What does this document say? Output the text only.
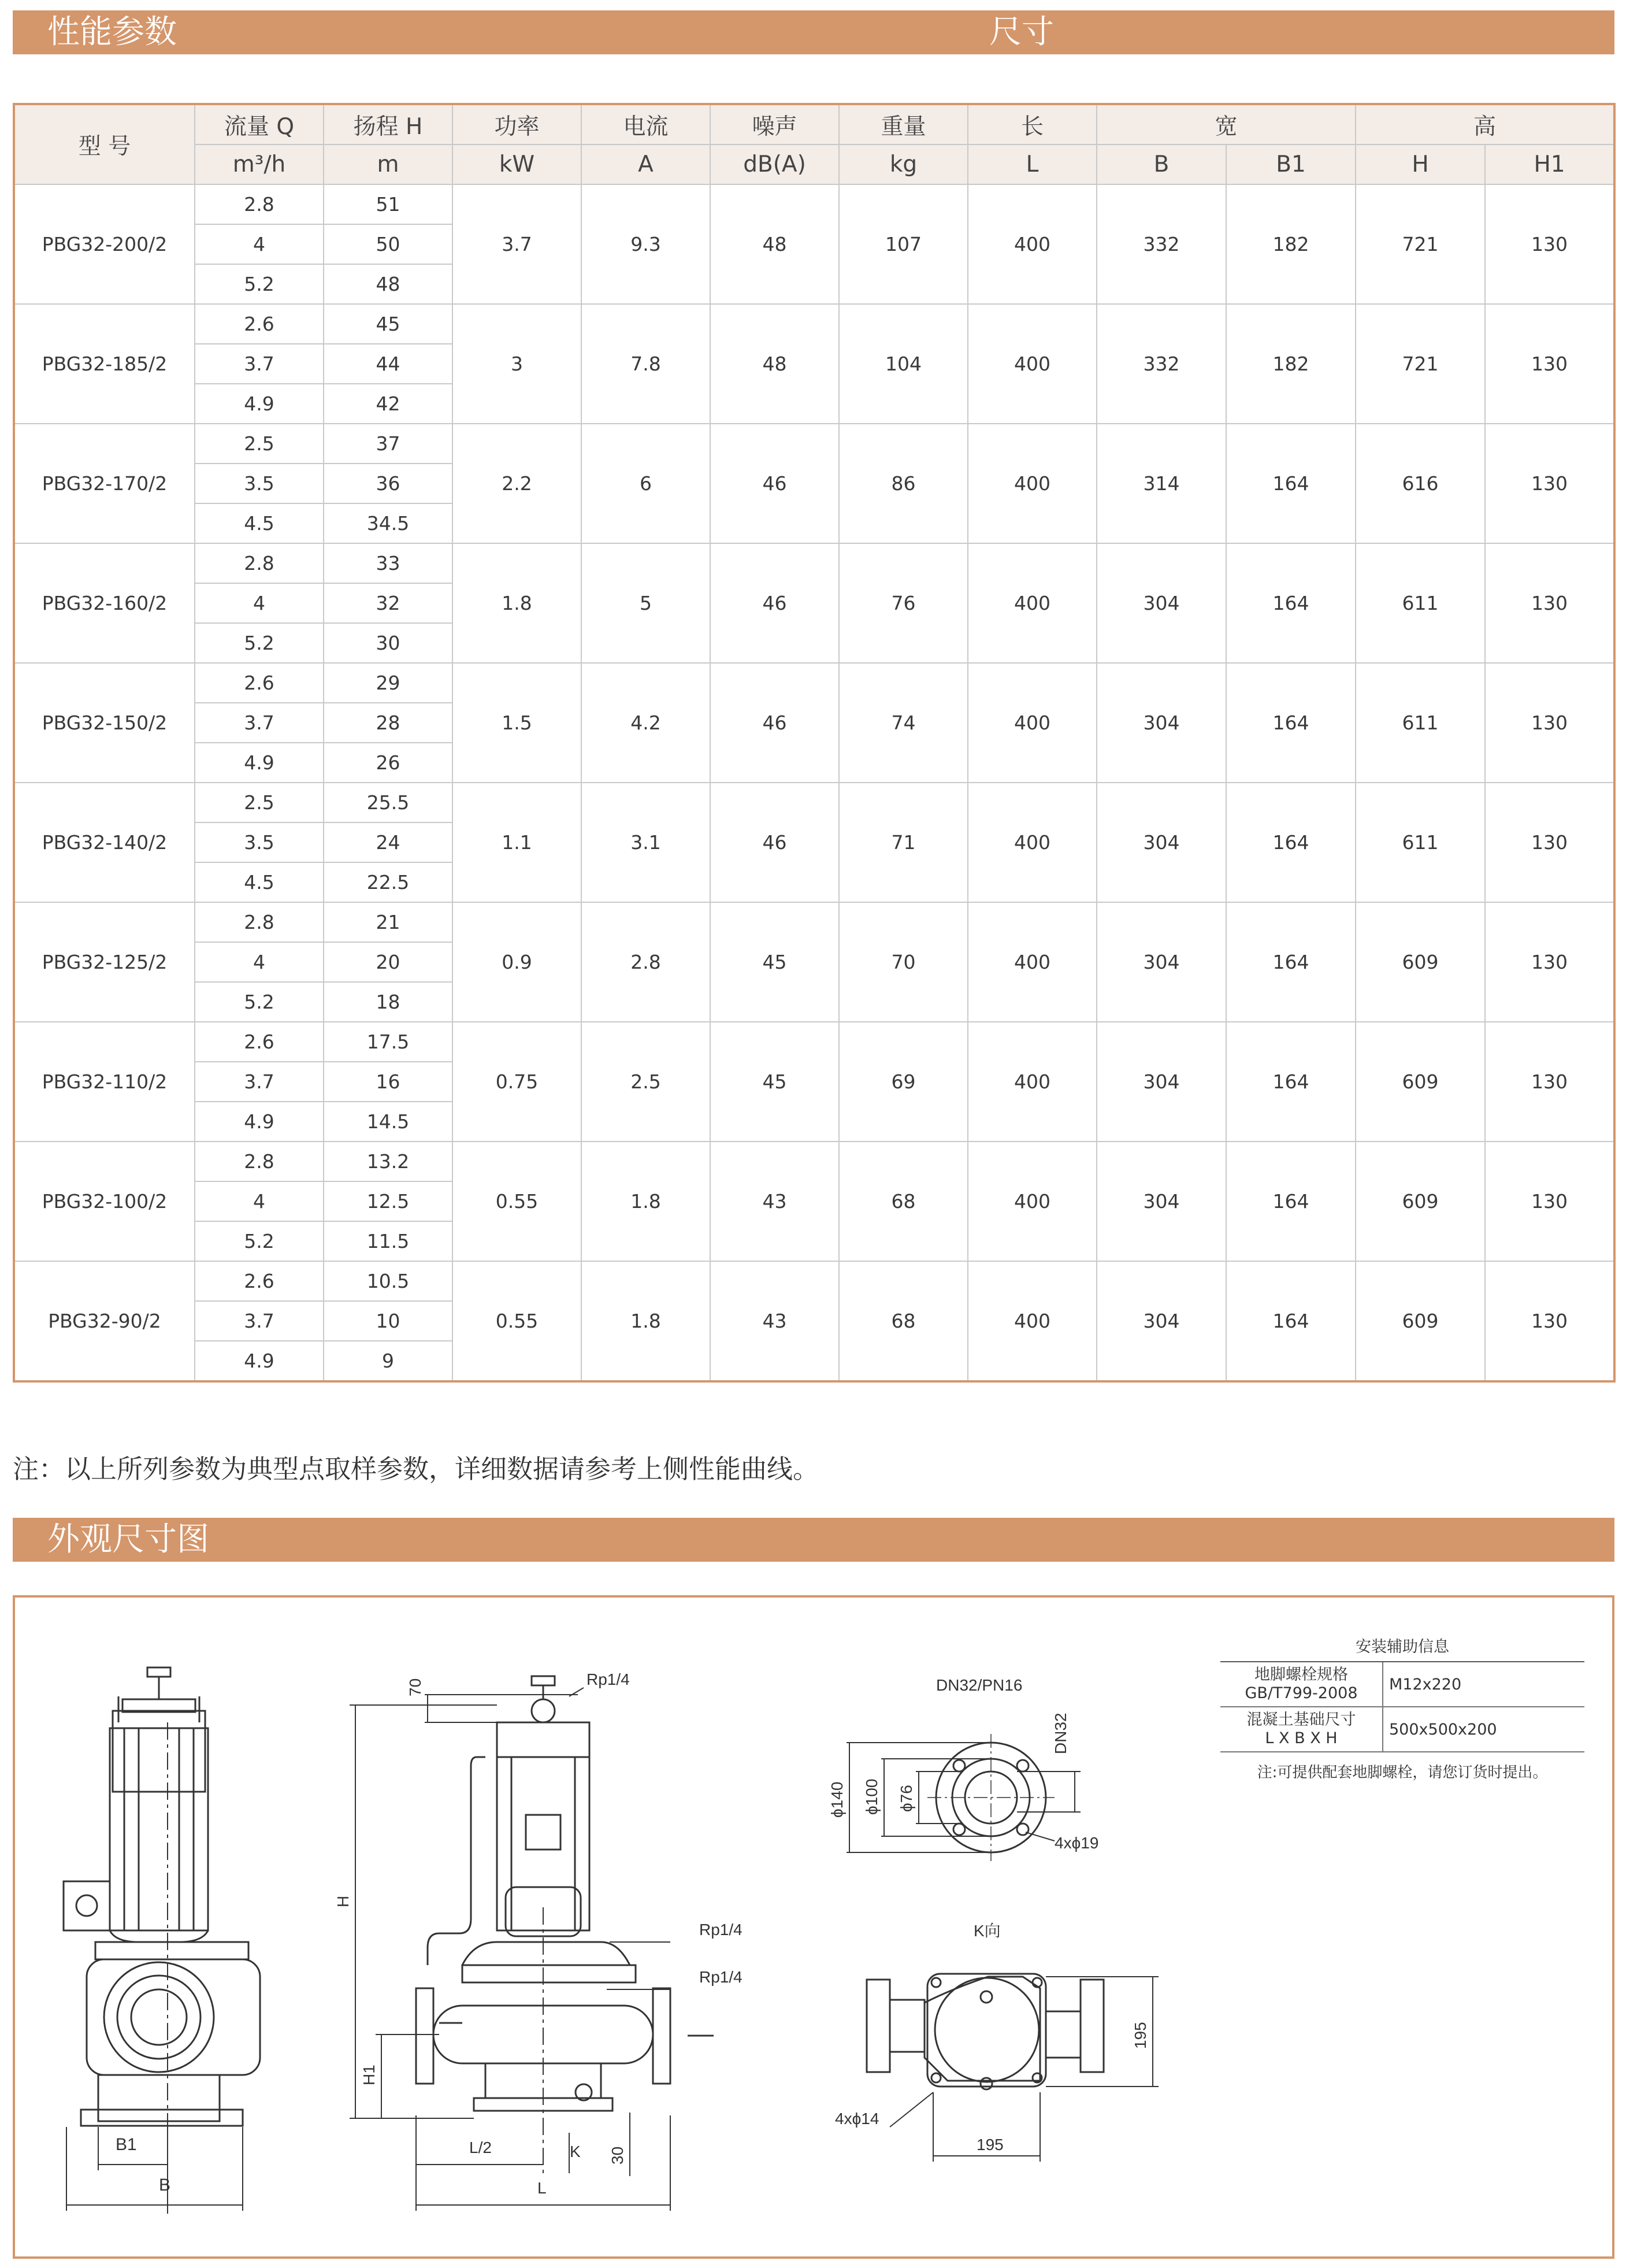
性能参数	尺寸
型 号	流量 Q	扬程 H	功率	电流	噪声	重量	长	宽		高	
	m³/h	m	kW	A	dB(A)	kg	L	B	B1	H	H1
PBG32-200/2	2.8	51	3.7	9.3	48	107	400	332	182	721	130
	4	50									
	5.2	48									
PBG32-185/2	2.6	45	3	7.8	48	104	400	332	182	721	130
	3.7	44									
	4.9	42									
PBG32-170/2	2.5	37	2.2	6	46	86	400	314	164	616	130
	3.5	36									
	4.5	34.5									
PBG32-160/2	2.8	33	1.8	5	46	76	400	304	164	611	130
	4	32									
	5.2	30									
PBG32-150/2	2.6	29	1.5	4.2	46	74	400	304	164	611	130
	3.7	28									
	4.9	26									
PBG32-140/2	2.5	25.5	1.1	3.1	46	71	400	304	164	611	130
	3.5	24									
	4.5	22.5									
PBG32-125/2	2.8	21	0.9	2.8	45	70	400	304	164	609	130
	4	20									
	5.2	18									
PBG32-110/2	2.6	17.5	0.75	2.5	45	69	400	304	164	609	130
	3.7	16									
	4.9	14.5									
PBG32-100/2	2.8	13.2	0.55	1.8	43	68	400	304	164	609	130
	4	12.5									
	5.2	11.5									
PBG32-90/2	2.6	10.5	0.55	1.8	43	68	400	304	164	609	130
	3.7	10									
	4.9	9									
注：以上所列参数为典型点取样参数，详细数据请参考上侧性能曲线。
外观尺寸图
B1
B
70	Rp1/4
Rp1/4
Rp1/4
H
H1
L/2
L
K 30
DN32/PN16
DN32
ϕ140 ϕ100 ϕ76
4xϕ19
K向
195
195
4xϕ14
安装辅助信息
地脚螺栓规格
GB/T799-2008	M12x220

混凝土基础尺寸
L X B X H	500x500x200
注:可提供配套地脚螺栓，请您订货时提出。
